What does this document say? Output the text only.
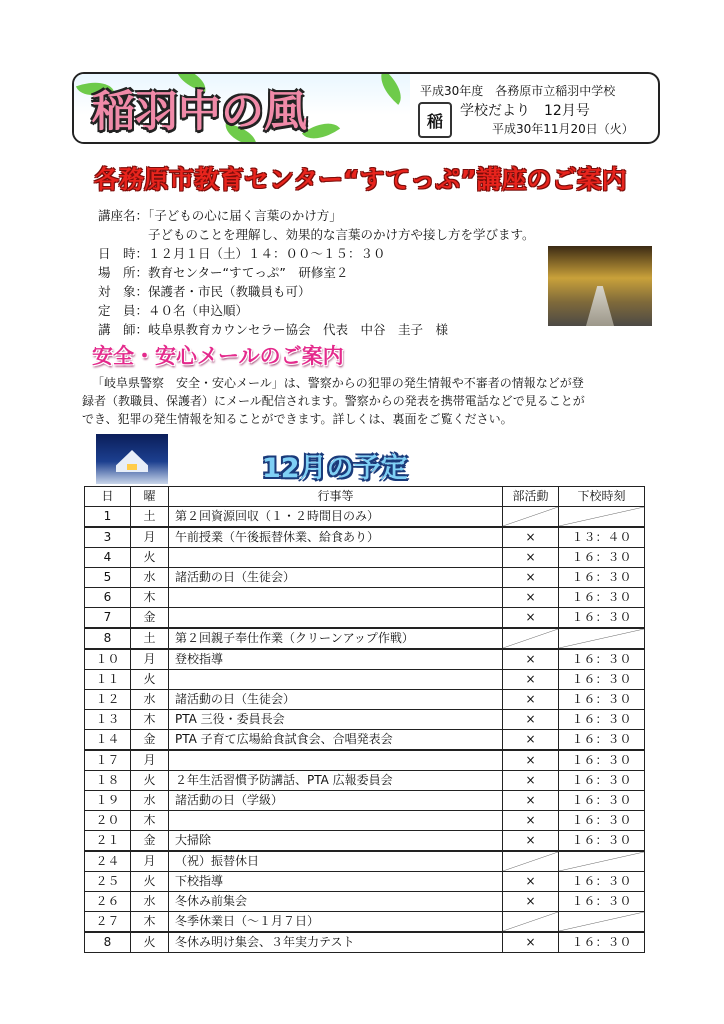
稲羽中の風	平成30年度　各務原市立稲羽中学校
稲
学校だより　12月号
平成30年11月20日（火）
各務原市教育センター“すてっぷ”講座のご案内
講座名：「子どもの心に届く言葉のかけ方」
　　　　子どものことを理解し、効果的な言葉のかけ方や接し方を学びます。
日　時：１２月１日（土）１４：００～１５：３０
場　所：教育センター“すてっぷ”　研修室２
対　象：保護者・市民（教職員も可）
定　員：４０名（申込順）
講　師：岐阜県教育カウンセラー協会　代表　中谷　圭子　様
安全・安心メールのご案内
「岐阜県警察　安全・安心メール」は、警察からの犯罪の発生情報や不審者の情報などが登
録者（教職員、保護者）にメール配信されます。警察からの発表を携帯電話などで見ることが
でき、犯罪の発生情報を知ることができます。詳しくは、裏面をご覧ください。
12月の予定
日	曜	行事等	部活動	下校時刻
1	土	第２回資源回収（１・２時間目のみ）	

3	月	午前授業（午後振替休業、給食あり）	×	１３：４０
4	火		×	１６：３０
5	水	諸活動の日（生徒会）	×	１６：３０
6	木		×	１６：３０
7	金		×	１６：３０
8	土	第２回親子奉仕作業（クリーンアップ作戦）	

１０	月	登校指導	×	１６：３０
１１	火		×	１６：３０
１２	水	諸活動の日（生徒会）	×	１６：３０
１３	木	PTA 三役・委員長会	×	１６：３０
１４	金	PTA 子育て広場給食試食会、合唱発表会	×	１６：３０
１７	月		×	１６：３０
１８	火	２年生活習慣予防講話、PTA 広報委員会	×	１６：３０
１９	水	諸活動の日（学級）	×	１６：３０
２０	木		×	１６：３０
２１	金	大掃除	×	１６：３０
２４	月	（祝）振替休日	

２５	火	下校指導	×	１６：３０
２６	水	冬休み前集会	×	１６：３０
２７	木	冬季休業日（～１月７日）	

8	火	冬休み明け集会、３年実力テスト	×	１６：３０
